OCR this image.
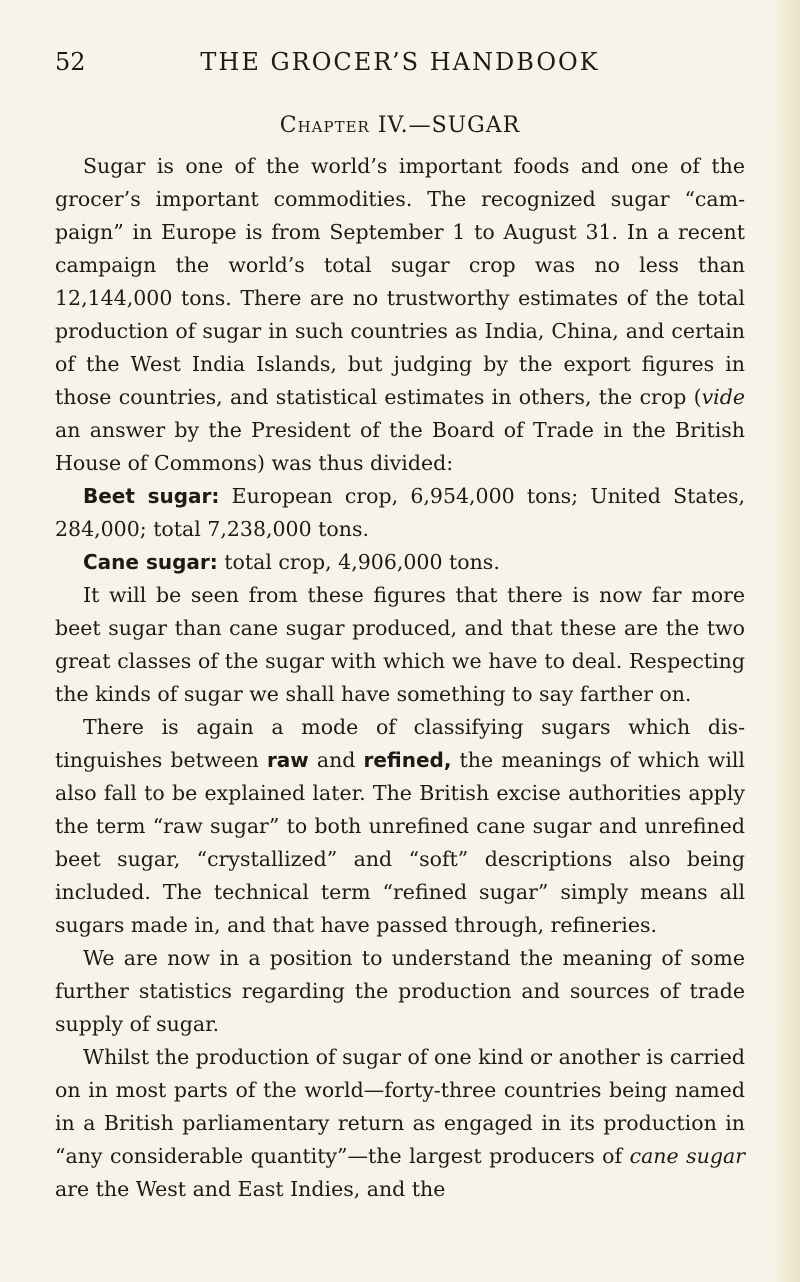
52	THE GROCER’S HANDBOOK
Chapter IV.—SUGAR

Sugar is one of the world’s important foods and one of the grocer’s important commodities. The recognized sugar “cam-paign” in Europe is from September 1 to August 31. In a recent campaign the world’s total sugar crop was no less than 12,144,000 tons. There are no trustworthy estimates of the total production of sugar in such countries as India, China, and certain of the West India Islands, but judging by the export figures in those countries, and statistical estimates in others, the crop (vide an answer by the President of the Board of Trade in the British House of Commons) was thus divided:

Beet sugar: European crop, 6,954,000 tons; United States, 284,000; total 7,238,000 tons.

Cane sugar: total crop, 4,906,000 tons.

It will be seen from these figures that there is now far more beet sugar than cane sugar produced, and that these are the two great classes of the sugar with which we have to deal. Respecting the kinds of sugar we shall have something to say farther on.

There is again a mode of classifying sugars which dis-tinguishes between raw and refined, the meanings of which will also fall to be explained later. The British excise authorities apply the term “raw sugar” to both unrefined cane sugar and unrefined beet sugar, “crystallized” and “soft” descriptions also being included. The technical term “refined sugar” simply means all sugars made in, and that have passed through, refineries.

We are now in a position to understand the meaning of some further statistics regarding the production and sources of trade supply of sugar.

Whilst the production of sugar of one kind or another is carried on in most parts of the world—forty-three countries being named in a British parliamentary return as engaged in its production in “any considerable quantity”—the largest producers of cane sugar are the West and East Indies, and the
